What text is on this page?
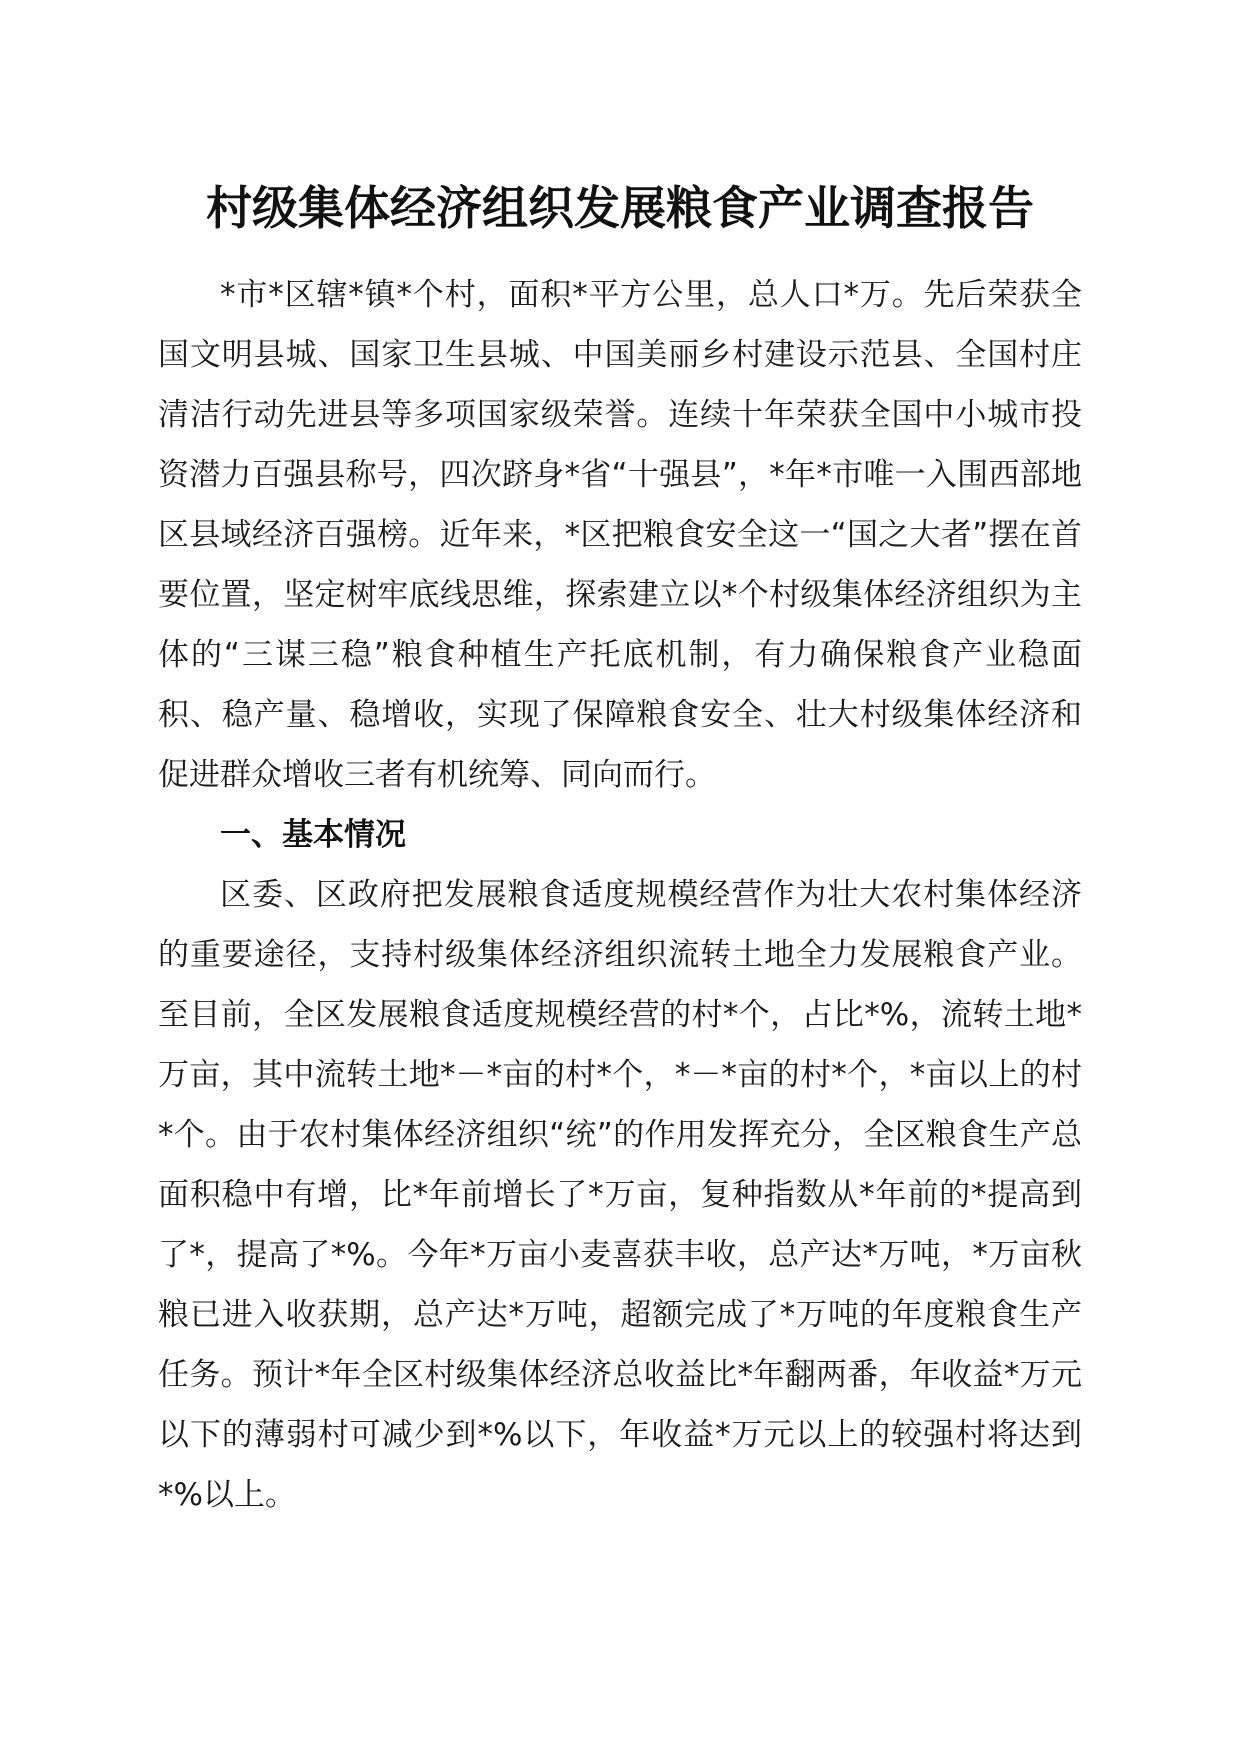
村级集体经济组织发展粮食产业调查报告

*市*区辖*镇*个村，面积*平方公里，总人口*万。先后荣获全国文明县城、国家卫生县城、中国美丽乡村建设示范县、全国村庄清洁行动先进县等多项国家级荣誉。连续十年荣获全国中小城市投资潜力百强县称号，四次跻身*省“十强县”，*年*市唯一入围西部地区县域经济百强榜。近年来，*区把粮食安全这一“国之大者”摆在首要位置，坚定树牢底线思维，探索建立以*个村级集体经济组织为主体的“三谋三稳”粮食种植生产托底机制，有力确保粮食产业稳面积、稳产量、稳增收，实现了保障粮食安全、壮大村级集体经济和促进群众增收三者有机统筹、同向而行。

一、基本情况

区委、区政府把发展粮食适度规模经营作为壮大农村集体经济的重要途径，支持村级集体经济组织流转土地全力发展粮食产业。至目前，全区发展粮食适度规模经营的村*个，占比*%，流转土地*万亩，其中流转土地*－*亩的村*个，*－*亩的村*个，*亩以上的村*个。由于农村集体经济组织“统”的作用发挥充分，全区粮食生产总面积稳中有增，比*年前增长了*万亩，复种指数从*年前的*提高到了*，提高了*%。今年*万亩小麦喜获丰收，总产达*万吨，*万亩秋粮已进入收获期，总产达*万吨，超额完成了*万吨的年度粮食生产任务。预计*年全区村级集体经济总收益比*年翻两番，年收益*万元以下的薄弱村可减少到*%以下，年收益*万元以上的较强村将达到*%以上。
